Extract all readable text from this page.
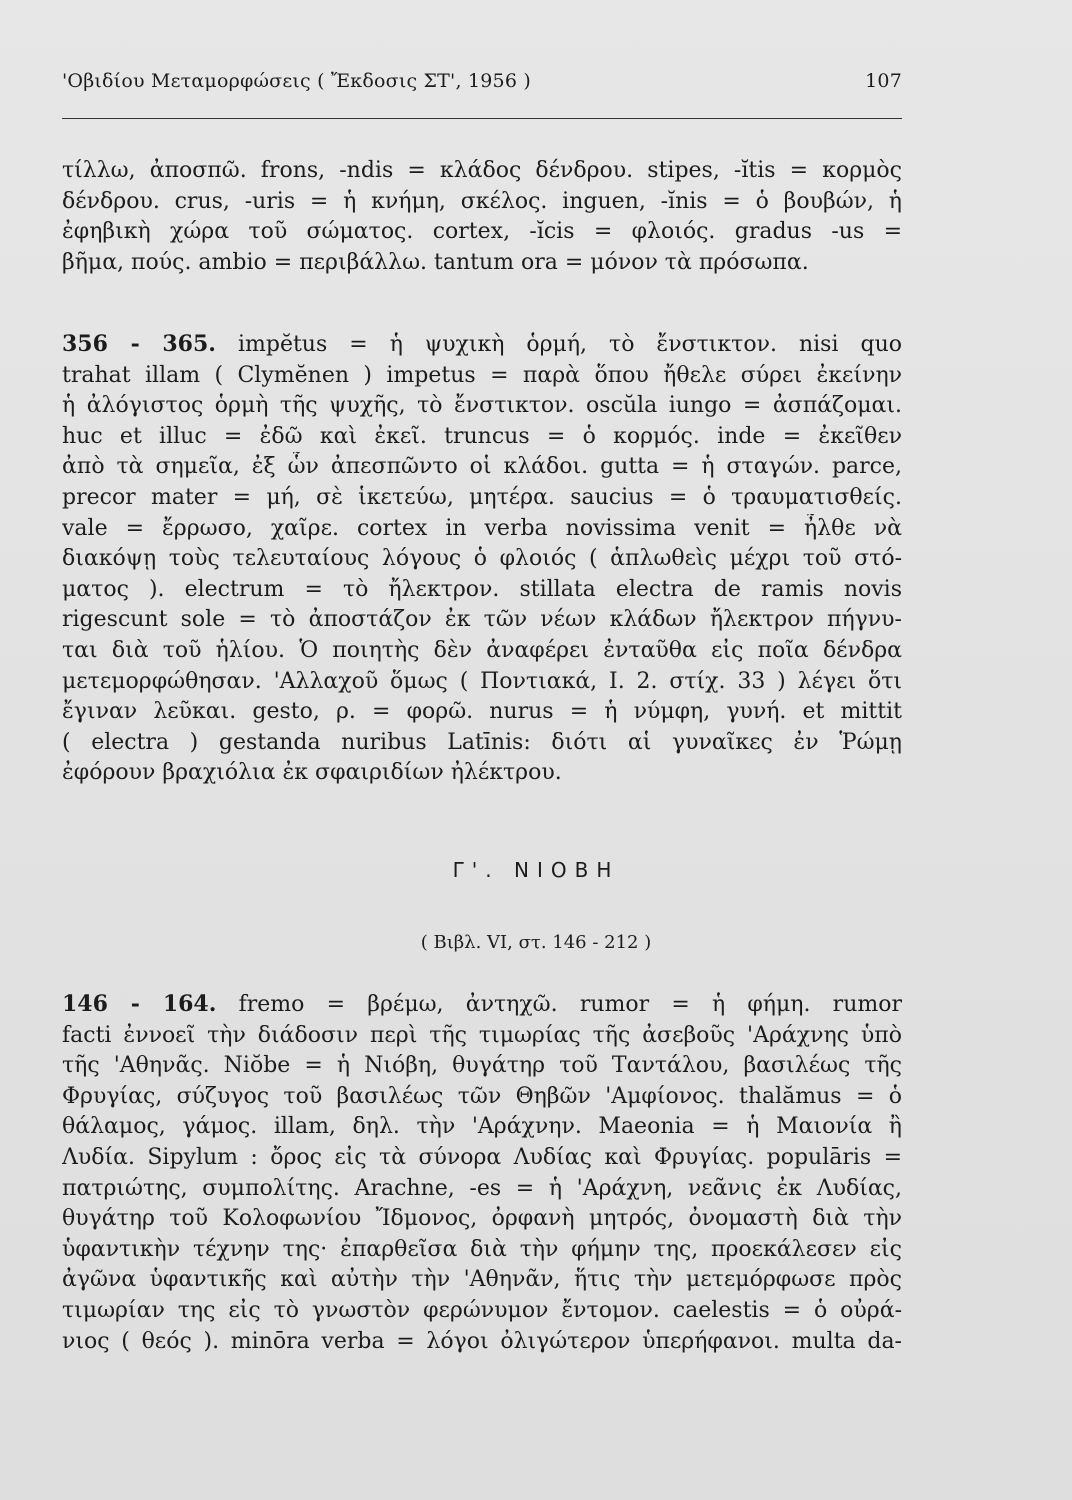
'Οβιδίου Μεταμορφώσεις ( Ἔκδοσις ΣΤ', 1956 )	107
τίλλω, ἀποσπῶ. frons, -ndis = κλάδος δένδρου. stipes, -ĭtis = κορμὸς
δένδρου. crus, -uris = ἡ κνήμη, σκέλος. inguen, -ĭnis = ὁ βουβών, ἡ
ἐφηβικὴ χώρα τοῦ σώματος. cortex, -ĭcis = φλοιός. gradus -us =
βῆμα, πούς. ambio = περιβάλλω. tantum ora = μόνον τὰ πρόσωπα.
356 - 365. impĕtus = ἡ ψυχικὴ ὁρμή, τὸ ἔνστικτον. nisi quo
trahat illam ( Clymĕnen ) impetus = παρὰ ὅπου ἤθελε σύρει ἐκείνην
ἡ ἀλόγιστος ὁρμὴ τῆς ψυχῆς, τὸ ἔνστικτον. oscŭla iungo = ἀσπάζομαι.
huc et illuc = ἐδῶ καὶ ἐκεῖ. truncus = ὁ κορμός. inde = ἐκεῖθεν
ἀπὸ τὰ σημεῖα, ἐξ ὧν ἀπεσπῶντο οἱ κλάδοι. gutta = ἡ σταγών. parce,
precor mater = μή, σὲ ἱκετεύω, μητέρα. saucius = ὁ τραυματισθείς.
vale = ἔρρωσο, χαῖρε. cortex in verba novissima venit = ἦλθε νὰ
διακόψῃ τοὺς τελευταίους λόγους ὁ φλοιός ( ἁπλωθεὶς μέχρι τοῦ στό-
ματος ). electrum = τὸ ἤλεκτρον. stillata electra de ramis novis
rigescunt sole = τὸ ἀποστάζον ἐκ τῶν νέων κλάδων ἤλεκτρον πήγνυ-
ται διὰ τοῦ ἡλίου. Ὁ ποιητὴς δὲν ἀναφέρει ἐνταῦθα εἰς ποῖα δένδρα
μετεμορφώθησαν. 'Αλλαχοῦ ὅμως ( Ποντιακά, I. 2. στίχ. 33 ) λέγει ὅτι
ἔγιναν λεῦκαι. gesto, ρ. = φορῶ. nurus = ἡ νύμφη, γυνή. et mittit
( electra ) gestanda nuribus Latīnis: διότι αἱ γυναῖκες ἐν Ῥώμῃ
ἐφόρουν βραχιόλια ἐκ σφαιριδίων ἠλέκτρου.
Γ'. ΝΙΟΒΗ
( Βιβλ. VI, στ. 146 - 212 )
146 - 164. fremo = βρέμω, ἀντηχῶ. rumor = ἡ φήμη. rumor
facti ἐννοεῖ τὴν διάδοσιν περὶ τῆς τιμωρίας τῆς ἀσεβοῦς 'Αράχνης ὑπὸ
τῆς 'Αθηνᾶς. Niŏbe = ἡ Νιόβη, θυγάτηρ τοῦ Ταντάλου, βασιλέως τῆς
Φρυγίας, σύζυγος τοῦ βασιλέως τῶν Θηβῶν 'Αμφίονος. thalămus = ὁ
θάλαμος, γάμος. illam, δηλ. τὴν 'Αράχνην. Maeonia = ἡ Μαιονία ἢ
Λυδία. Sipylum : ὄρος εἰς τὰ σύνορα Λυδίας καὶ Φρυγίας. populāris =
πατριώτης, συμπολίτης. Arachne, -es = ἡ 'Αράχνη, νεᾶνις ἐκ Λυδίας,
θυγάτηρ τοῦ Κολοφωνίου Ἴδμονος, ὀρφανὴ μητρός, ὀνομαστὴ διὰ τὴν
ὑφαντικὴν τέχνην της· ἐπαρθεῖσα διὰ τὴν φήμην της, προεκάλεσεν εἰς
ἀγῶνα ὑφαντικῆς καὶ αὐτὴν τὴν 'Αθηνᾶν, ἥτις τὴν μετεμόρφωσε πρὸς
τιμωρίαν της εἰς τὸ γνωστὸν φερώνυμον ἔντομον. caelestis = ὁ οὐρά-
νιος ( θεός ). minōra verba = λόγοι ὀλιγώτερον ὑπερήφανοι. multa da-
